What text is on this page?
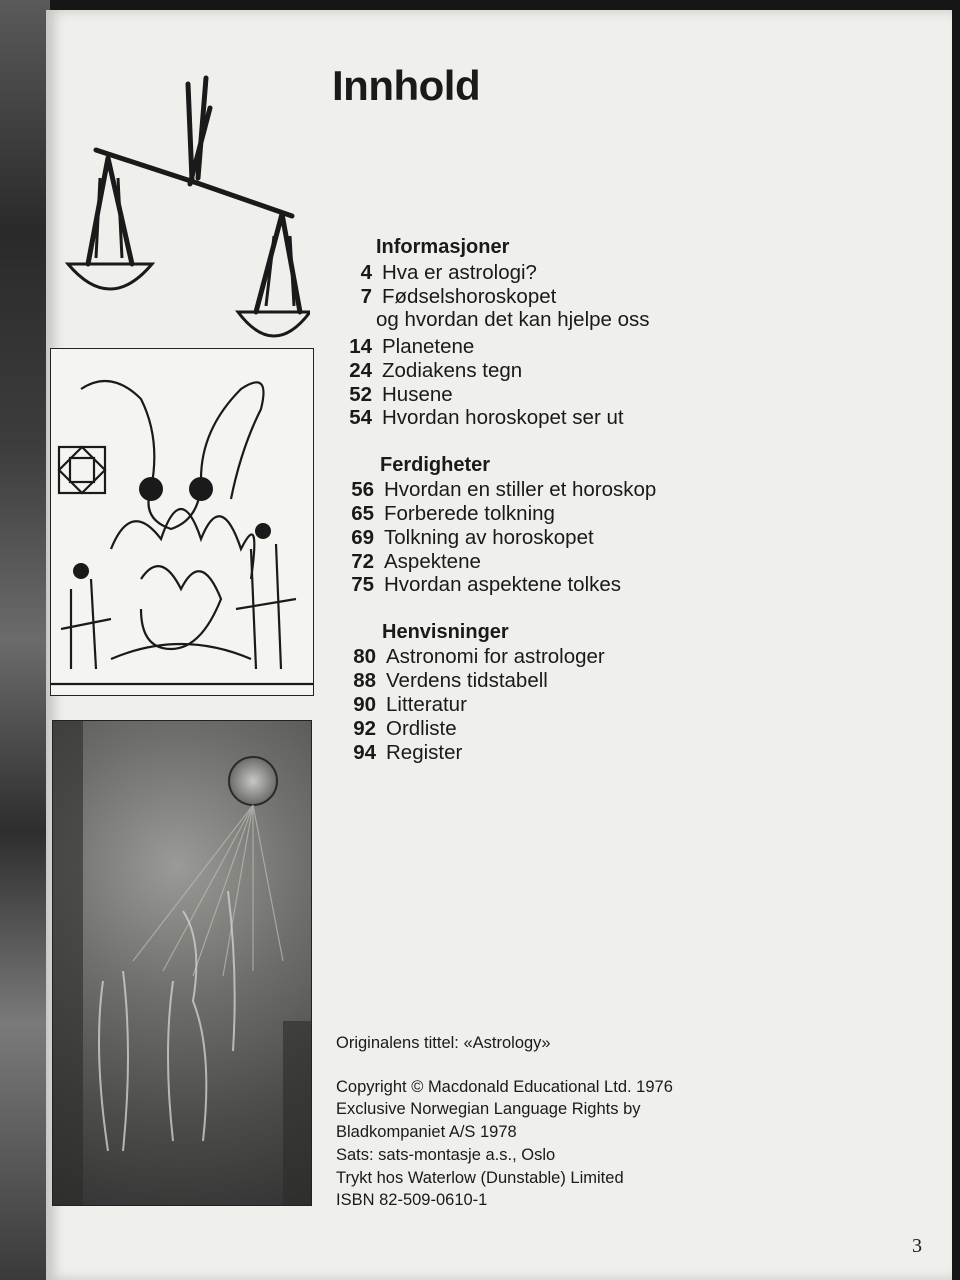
Innhold
Informasjoner
4 Hva er astrologi?
7 Fødselshoroskopet
og hvordan det kan hjelpe oss
14 Planetene
24 Zodiakens tegn
52 Husene
54 Hvordan horoskopet ser ut
Ferdigheter
56 Hvordan en stiller et horoskop
65 Forberede tolkning
69 Tolkning av horoskopet
72 Aspektene
75 Hvordan aspektene tolkes
Henvisninger
80 Astronomi for astrologer
88 Verdens tidstabell
90 Litteratur
92 Ordliste
94 Register
Originalens tittel: «Astrology»
Copyright © Macdonald Educational Ltd. 1976
Exclusive Norwegian Language Rights by
Bladkompaniet A/S 1978
Sats: sats-montasje a.s., Oslo
Trykt hos Waterlow (Dunstable) Limited
ISBN 82-509-0610-1
3
